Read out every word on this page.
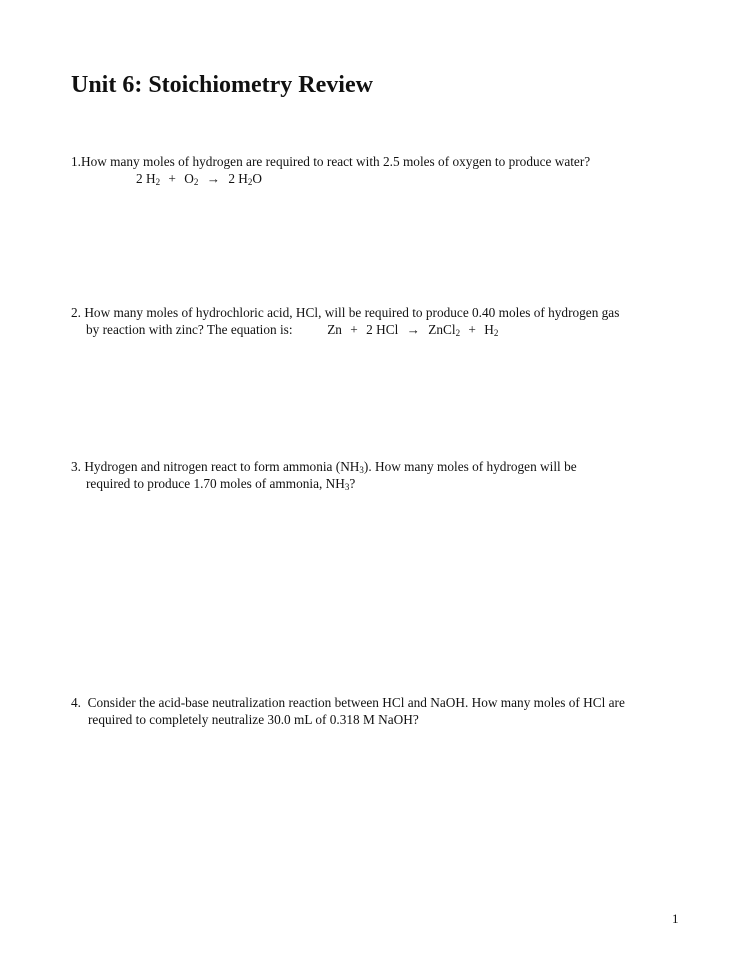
Unit 6: Stoichiometry Review
1.How many moles of hydrogen are required to react with 2.5 moles of oxygen to produce water?
2 $H_2 + O_2 \to 2$ $H_2O$
2. How many moles of hydrochloric acid, HCl, will be required to produce 0.40 moles of hydrogen gas
by reaction with zinc? The equation is:	Zn + 2 HCl → ZnCl$_2$ + $H_2$
3. Hydrogen and nitrogen react to form ammonia $(NH_3)$. How many moles of hydrogen will be
required to produce 1.70 moles of ammonia, $NH_3$?
4. Consider the acid-base neutralization reaction between HCl and NaOH. How many moles of HCl are
required to completely neutralize 30.0 mL of 0.318 M NaOH?
1
